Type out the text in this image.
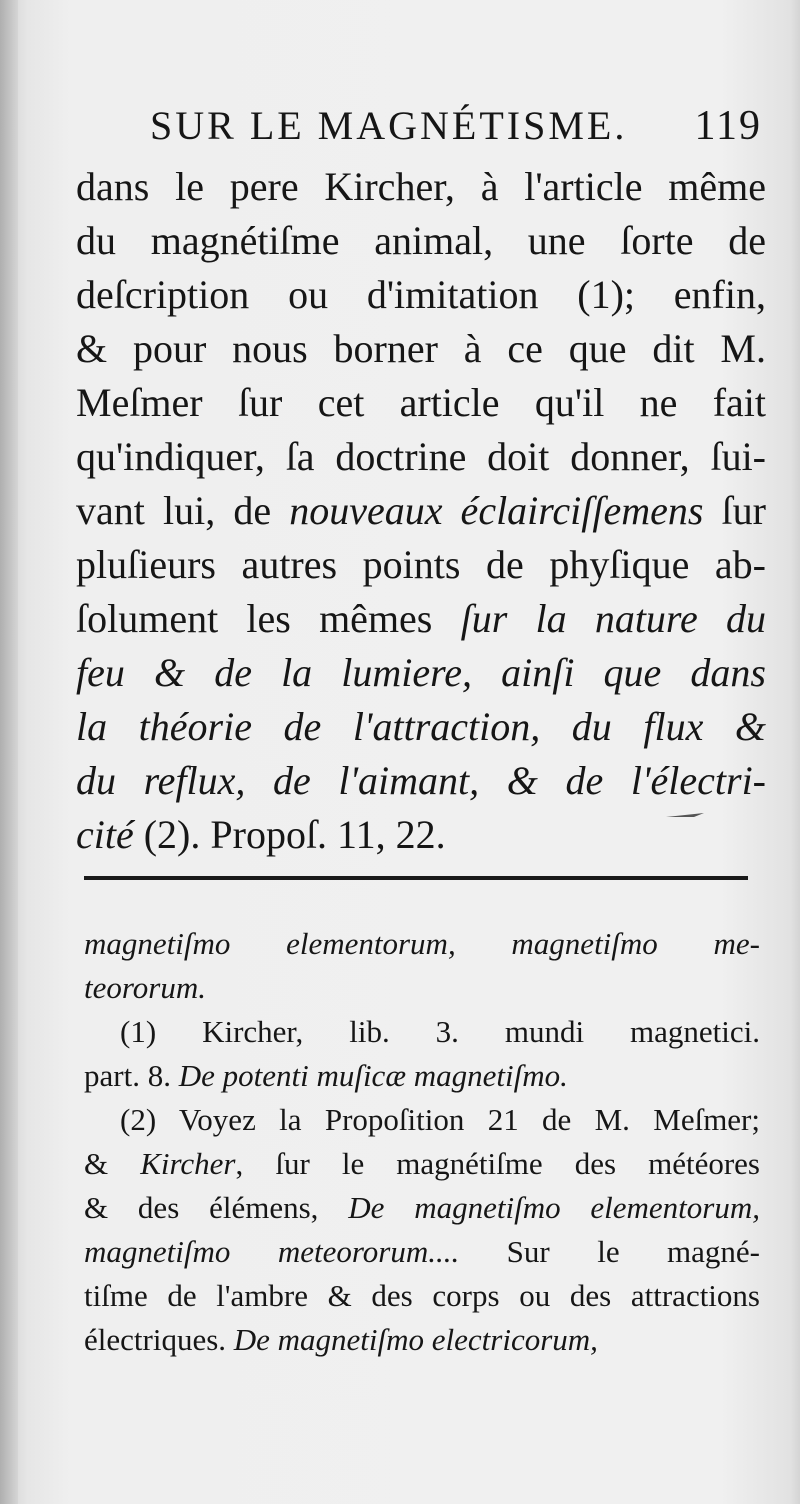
SUR LE MAGNÉTISME. 119
dans le pere Kircher, à l'article même
du magnétiſme animal, une ſorte de
deſcription ou d'imitation (1); enfin,
& pour nous borner à ce que dit M.
Meſmer ſur cet article qu'il ne fait
qu'indiquer, ſa doctrine doit donner, ſui-
vant lui, de nouveaux éclairciſſemens ſur
pluſieurs autres points de phyſique ab-
ſolument les mêmes ſur la nature du
feu & de la lumiere, ainſi que dans
la théorie de l'attraction, du flux &
du reflux, de l'aimant, & de l'électri-
cité (2). Propoſ. 11, 22.
magnetiſmo elementorum, magnetiſmo me-
teororum.
(1) Kircher, lib. 3. mundi magnetici.
part. 8. De potenti muſicæ magnetiſmo.
(2) Voyez la Propoſition 21 de M. Meſmer;
& Kircher, ſur le magnétiſme des météores
& des élémens, De magnetiſmo elementorum,
magnetiſmo meteororum.... Sur le magné-
tiſme de l'ambre & des corps ou des attractions
électriques. De magnetiſmo electricorum,
